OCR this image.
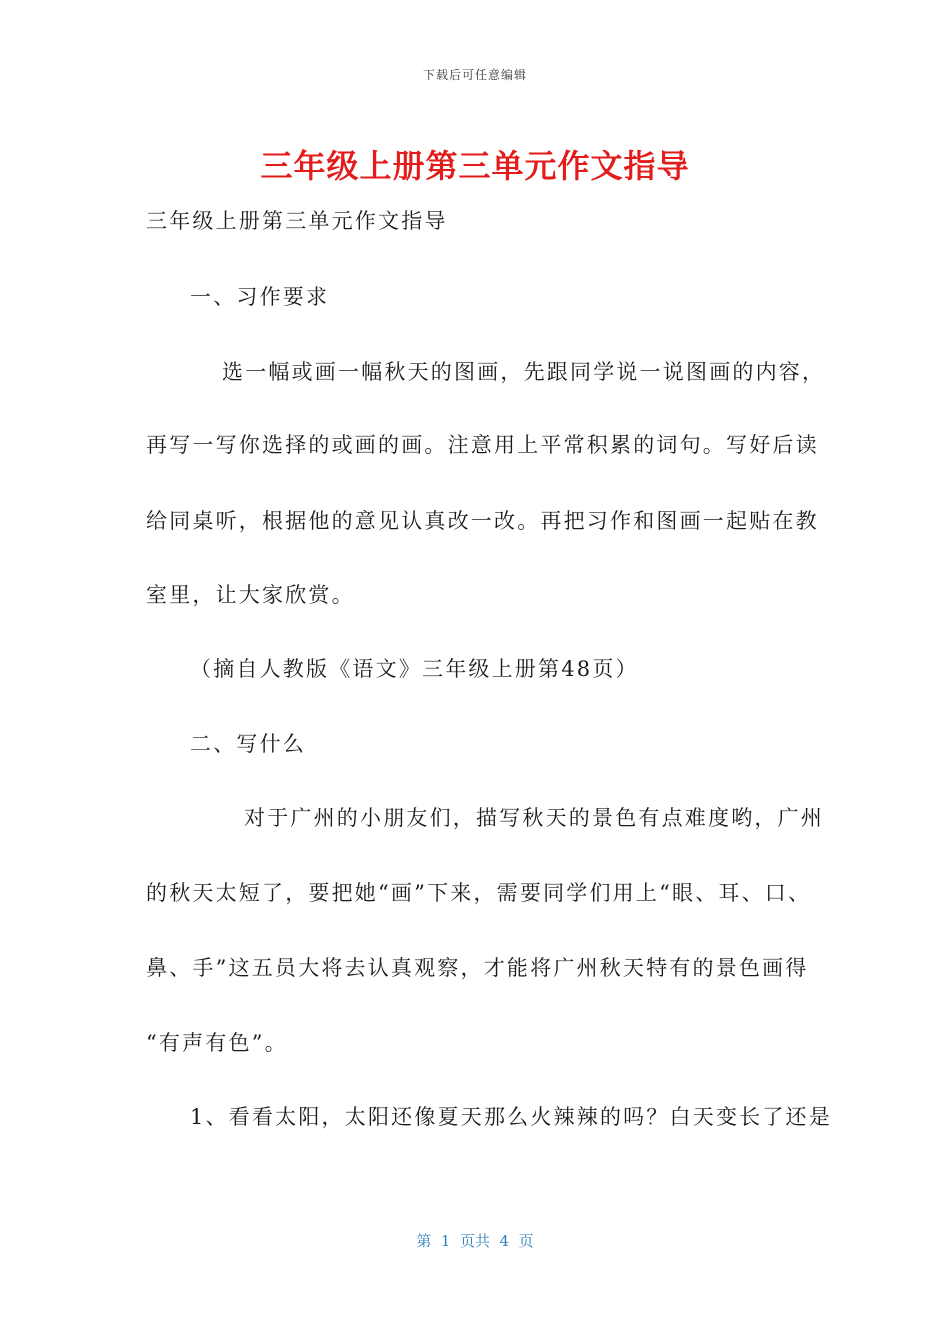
下载后可任意编辑
三年级上册第三单元作文指导
三年级上册第三单元作文指导
一、习作要求
选一幅或画一幅秋天的图画，先跟同学说一说图画的内容，
再写一写你选择的或画的画。注意用上平常积累的词句。写好后读
给同桌听，根据他的意见认真改一改。再把习作和图画一起贴在教
室里，让大家欣赏。
（摘自人教版《语文》三年级上册第48页）
二、写什么
对于广州的小朋友们，描写秋天的景色有点难度哟，广州
的秋天太短了，要把她“画”下来，需要同学们用上“眼、耳、口、
鼻、手”这五员大将去认真观察，才能将广州秋天特有的景色画得
“有声有色”。
1、看看太阳，太阳还像夏天那么火辣辣的吗？白天变长了还是
第  1  页共  4  页
